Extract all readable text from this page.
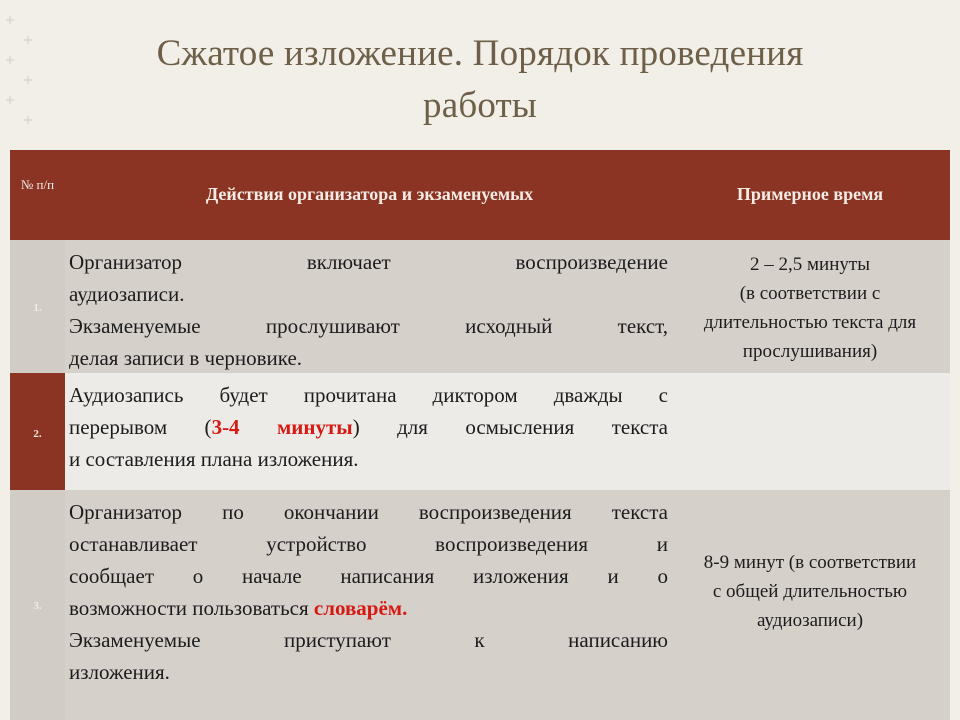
Сжатое изложение. Порядок проведения
работы
№ п/п	Действия организатора и экзаменуемых	Примерное время
1.

Организатор включает воспроизведение
аудиозаписи.
Экзаменуемые прослушивают исходный текст,
делая записи в черновике.

2 – 2,5 минуты
(в соответствии с
длительностью текста для
прослушивания)
2.

Аудиозапись будет прочитана диктором дважды с
перерывом (3-4 минуты) для осмысления текста
и составления плана изложения.

3.

Организатор по окончании воспроизведения текста
останавливает устройство воспроизведения и
сообщает о начале написания изложения и о
возможности пользоваться словарём.
Экзаменуемые приступают к написанию
изложения.

8-9 минут (в соответствии
с общей длительностью
аудиозаписи)
